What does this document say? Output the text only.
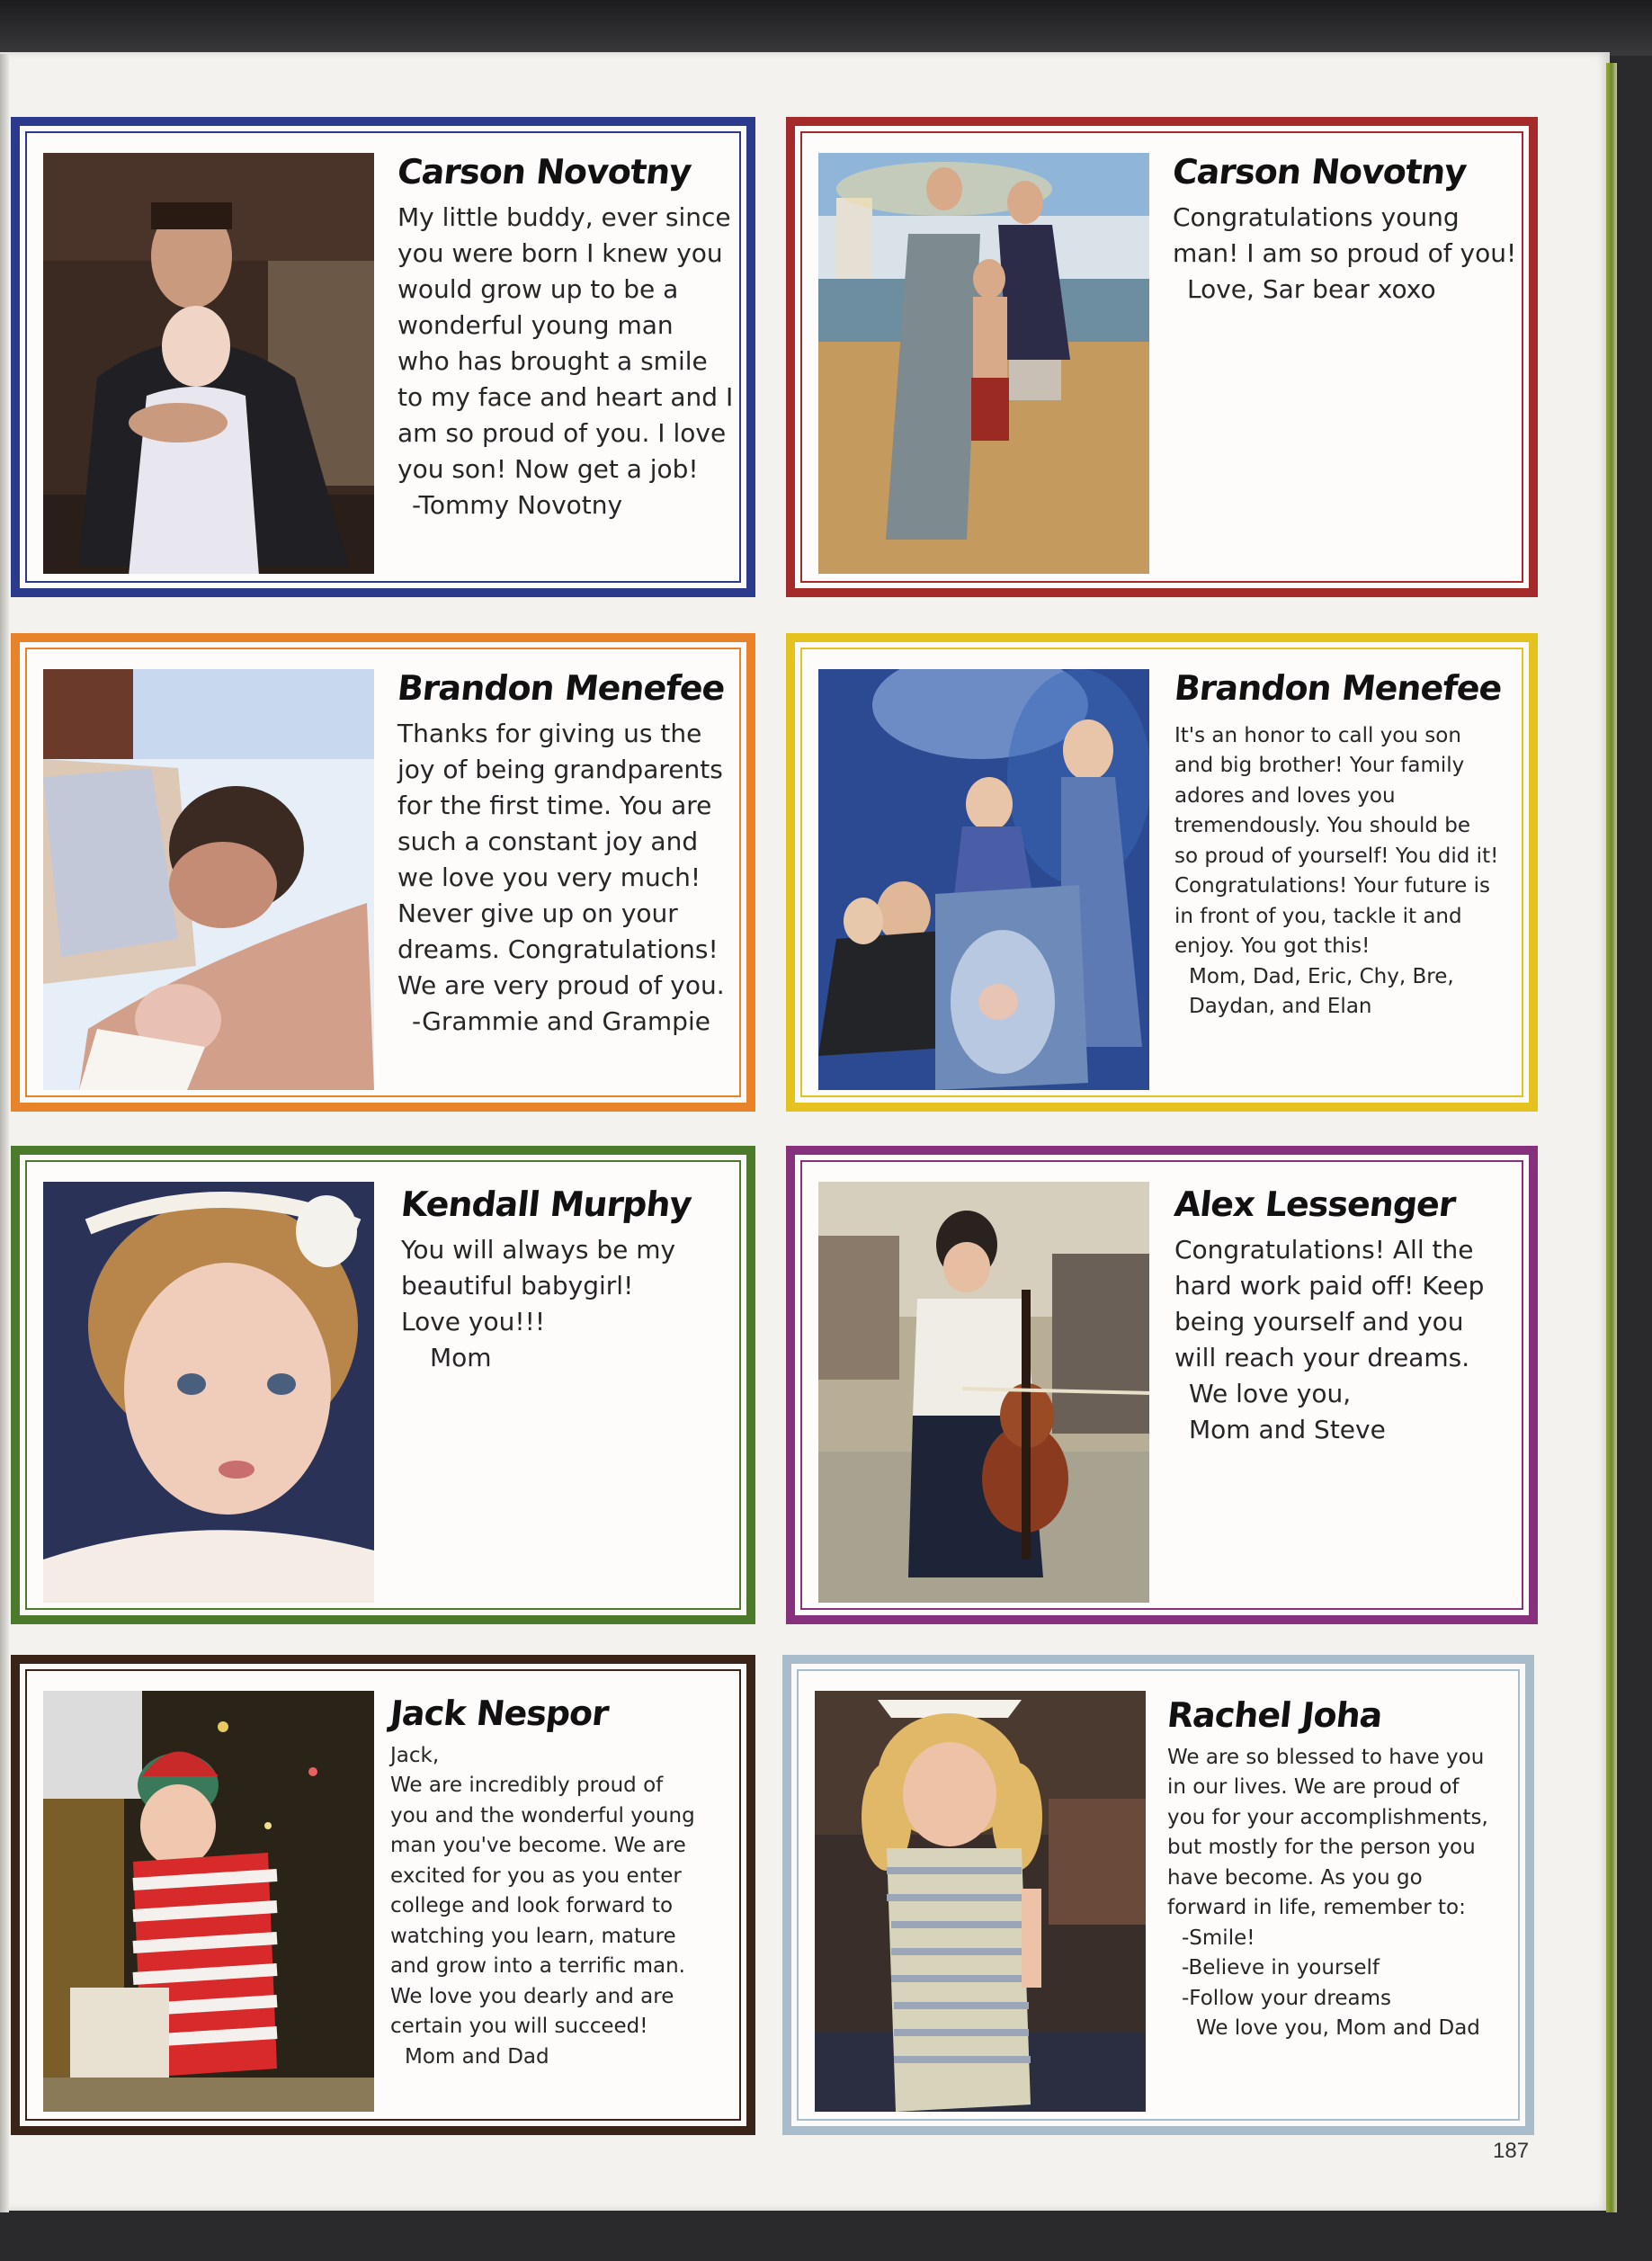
Carson Novotny

My little buddy, ever since
you were born I knew you
would grow up to be a
wonderful young man
who has brought a smile
to my face and heart and I
am so proud of you. I love
you son! Now get a job!
-Tommy Novotny

Carson Novotny

Congratulations young
man! I am so proud of you!
Love, Sar bear xoxo

Brandon Menefee

Thanks for giving us the
joy of being grandparents
for the first time. You are
such a constant joy and
we love you very much!
Never give up on your
dreams. Congratulations!
We are very proud of you.
-Grammie and Grampie

Brandon Menefee

It's an honor to call you son
and big brother! Your family
adores and loves you
tremendously. You should be
so proud of yourself! You did it!
Congratulations! Your future is
in front of you, tackle it and
enjoy. You got this!
Mom, Dad, Eric, Chy, Bre,
Daydan, and Elan

Kendall Murphy

You will always be my
beautiful babygirl!
Love you!!!
Mom

Alex Lessenger

Congratulations! All the
hard work paid off! Keep
being yourself and you
will reach your dreams.
We love you,
Mom and Steve

Jack Nespor

Jack,
We are incredibly proud of
you and the wonderful young
man you've become. We are
excited for you as you enter
college and look forward to
watching you learn, mature
and grow into a terrific man.
We love you dearly and are
certain you will succeed!
Mom and Dad

Rachel Joha

We are so blessed to have you
in our lives. We are proud of
you for your accomplishments,
but mostly for the person you
have become. As you go
forward in life, remember to:
-Smile!
-Believe in yourself
-Follow your dreams
We love you, Mom and Dad

187
